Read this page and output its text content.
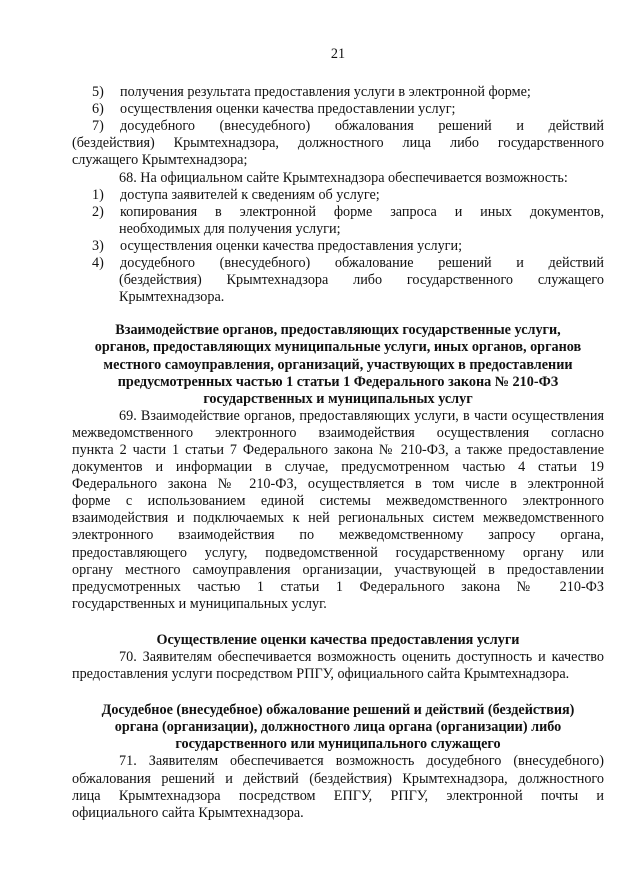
21
5)	получения результата предоставления услуги в электронной форме;
6)	осуществления оценки качества предоставлении услуг;
7)	досудебного (внесудебного) обжалования решений и действий
(бездействия) Крымтехнадзора, должностного лица либо государственного
служащего Крымтехнадзора;
68. На официальном сайте Крымтехнадзора обеспечивается возможность:
1)	доступа заявителей к сведениям об услуге;
2)	копирования в электронной форме запроса и иных документов,
необходимых для получения услуги;
3)	осуществления оценки качества предоставления услуги;
4)	досудебного (внесудебного) обжалование решений и действий
(бездействия) Крымтехнадзора либо государственного служащего
Крымтехнадзора.
Взаимодействие органов, предоставляющих государственные услуги,
органов, предоставляющих муниципальные услуги, иных органов, органов
местного самоуправления, организаций, участвующих в предоставлении
предусмотренных частью 1 статьи 1 Федерального закона № 210-ФЗ
государственных и муниципальных услуг
69. Взаимодействие органов, предоставляющих услуги, в части осуществления
межведомственного электронного взаимодействия осуществления согласно
пункта 2 части 1 статьи 7 Федерального закона № 210-ФЗ, а также предоставление
документов и информации в случае, предусмотренном частью 4 статьи 19
Федерального закона № 210-ФЗ, осуществляется в том числе в электронной
форме с использованием единой системы межведомственного электронного
взаимодействия и подключаемых к ней региональных систем межведомственного
электронного взаимодействия по межведомственному запросу органа,
предоставляющего услугу, подведомственной государственному органу или
органу местного самоуправления организации, участвующей в предоставлении
предусмотренных частью 1 статьи 1 Федерального закона № 210-ФЗ
государственных и муниципальных услуг.
Осуществление оценки качества предоставления услуги
70. Заявителям обеспечивается возможность оценить доступность и качество
предоставления услуги посредством РПГУ, официального сайта Крымтехнадзора.
Досудебное (внесудебное) обжалование решений и действий (бездействия)
органа (организации), должностного лица органа (организации) либо
государственного или муниципального служащего
71. Заявителям обеспечивается возможность досудебного (внесудебного)
обжалования решений и действий (бездействия) Крымтехнадзора, должностного
лица Крымтехнадзора посредством ЕПГУ, РПГУ, электронной почты и
официального сайта Крымтехнадзора.
